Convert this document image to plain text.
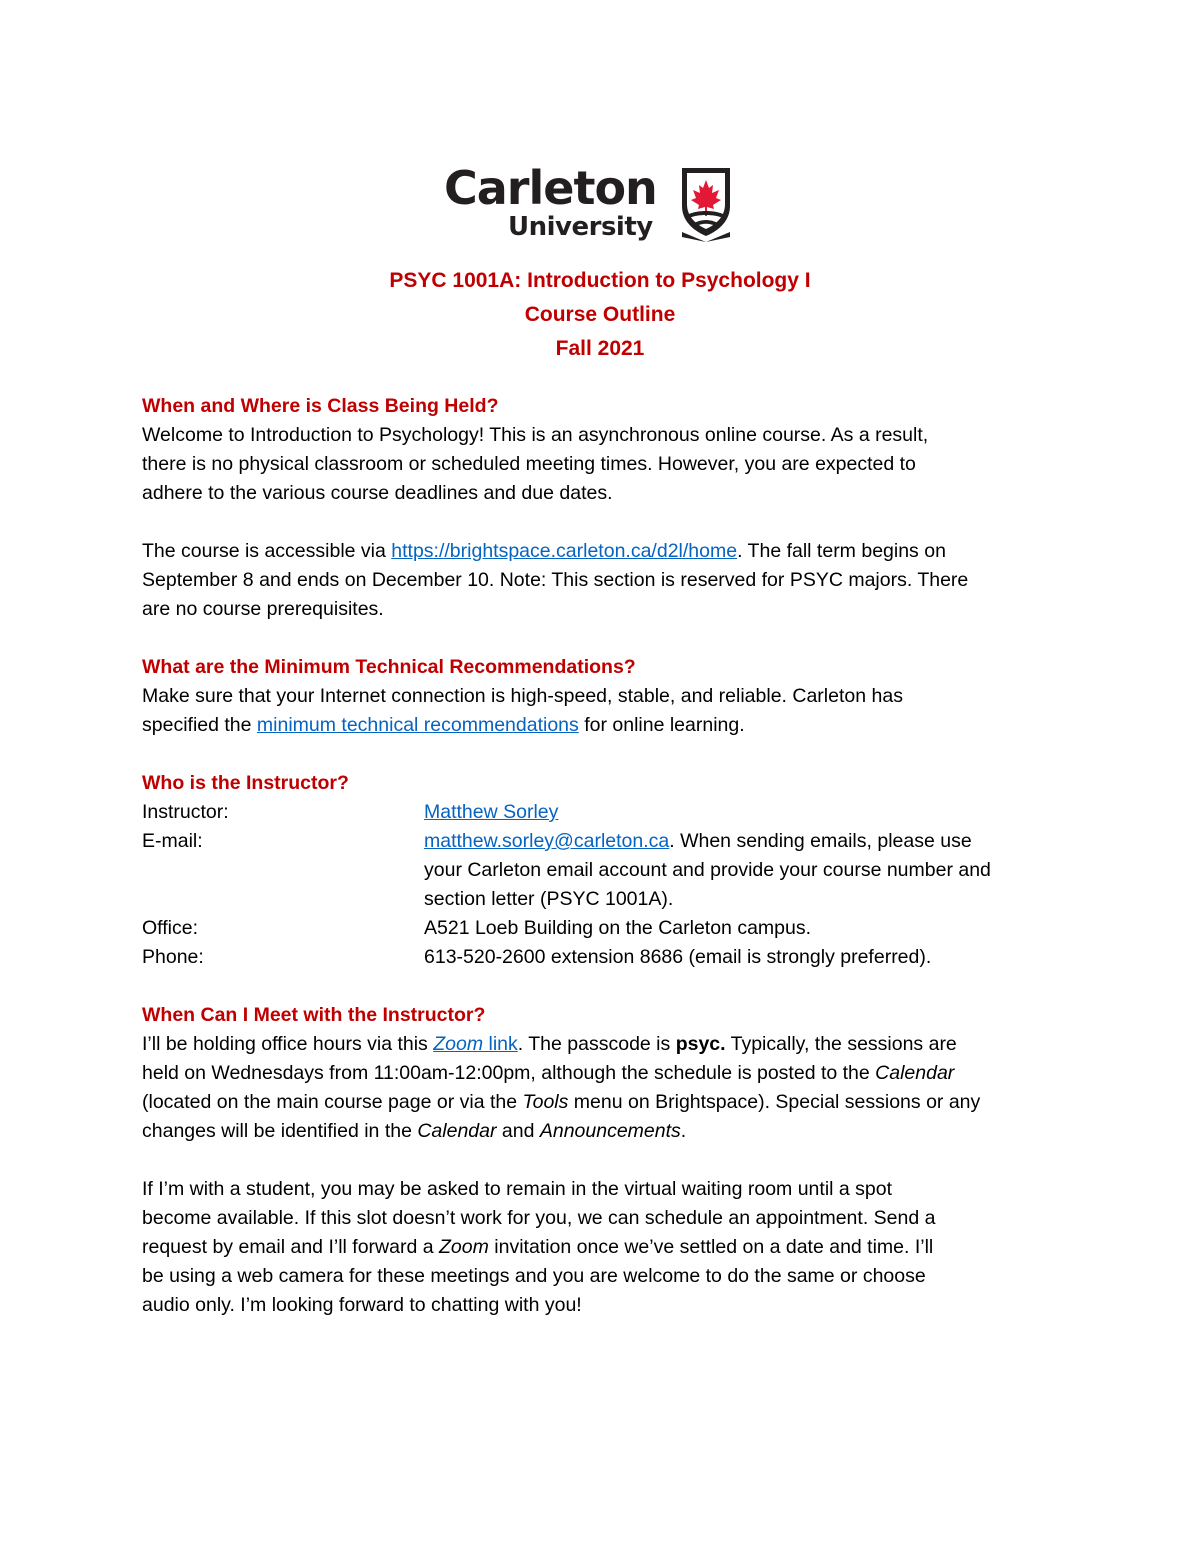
Carleton
University
PSYC 1001A: Introduction to Psychology I
Course Outline
Fall 2021

When and Where is Class Being Held?

Welcome to Introduction to Psychology! This is an asynchronous online course. As a result,

there is no physical classroom or scheduled meeting times. However, you are expected to

adhere to the various course deadlines and due dates.

The course is accessible via https://brightspace.carleton.ca/d2l/home. The fall term begins on

September 8 and ends on December 10. Note: This section is reserved for PSYC majors. There

are no course prerequisites.

What are the Minimum Technical Recommendations?

Make sure that your Internet connection is high-speed, stable, and reliable. Carleton has

specified the minimum technical recommendations for online learning.

Who is the Instructor?

Instructor:	Matthew Sorley
E-mail:	matthew.sorley@carleton.ca. When sending emails, please use
your Carleton email account and provide your course number and
section letter (PSYC 1001A).
Office:	A521 Loeb Building on the Carleton campus.
Phone:	613-520-2600 extension 8686 (email is strongly preferred).

When Can I Meet with the Instructor?

I’ll be holding office hours via this Zoom link. The passcode is psyc. Typically, the sessions are

held on Wednesdays from 11:00am-12:00pm, although the schedule is posted to the Calendar

(located on the main course page or via the Tools menu on Brightspace). Special sessions or any

changes will be identified in the Calendar and Announcements.

If I’m with a student, you may be asked to remain in the virtual waiting room until a spot

become available. If this slot doesn’t work for you, we can schedule an appointment. Send a

request by email and I’ll forward a Zoom invitation once we’ve settled on a date and time. I’ll

be using a web camera for these meetings and you are welcome to do the same or choose

audio only. I’m looking forward to chatting with you!
